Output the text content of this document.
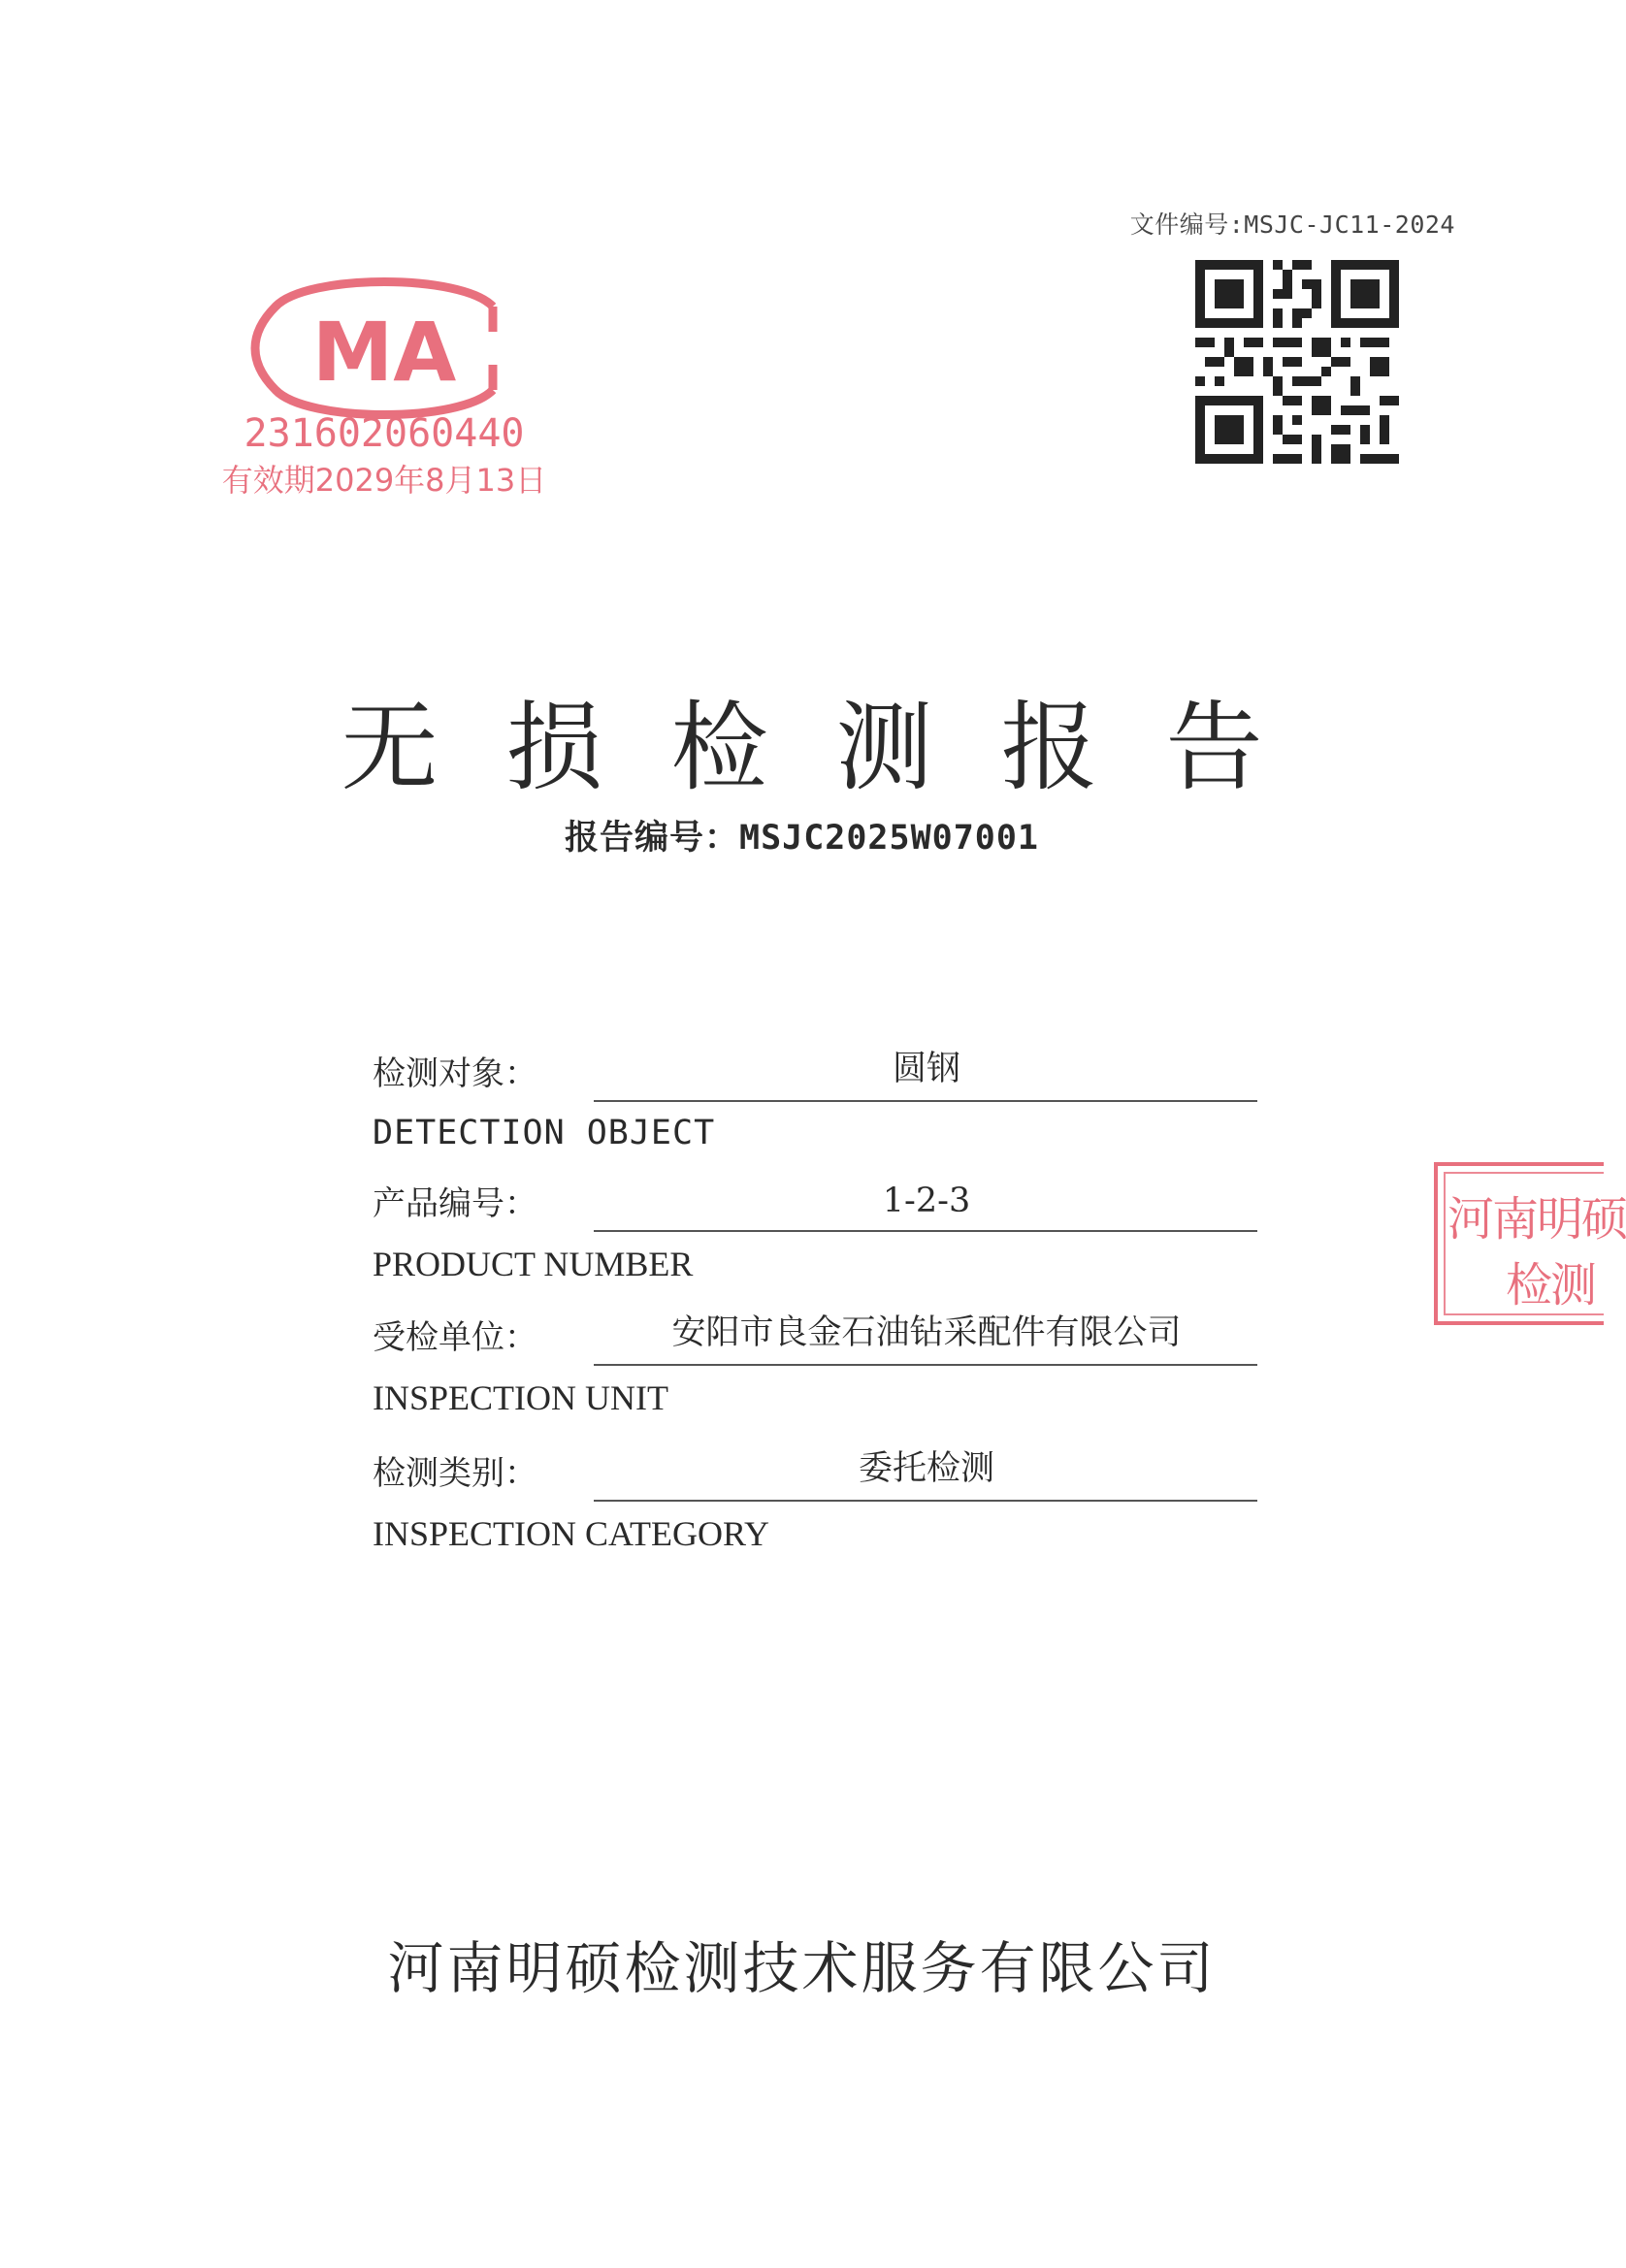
文件编号:MSJC-JC11-2024
MA
231602060440
有效期2029年8月13日
无损检测报告
报告编号：MSJC2025W07001
检测对象：	圆钢
DETECTION OBJECT
产品编号：	1-2-3
PRODUCT NUMBER
受检单位：	安阳市良金石油钻采配件有限公司
INSPECTION UNIT
检测类别：	委托检测
INSPECTION CATEGORY
河南明硕
检测
河南明硕检测技术服务有限公司
